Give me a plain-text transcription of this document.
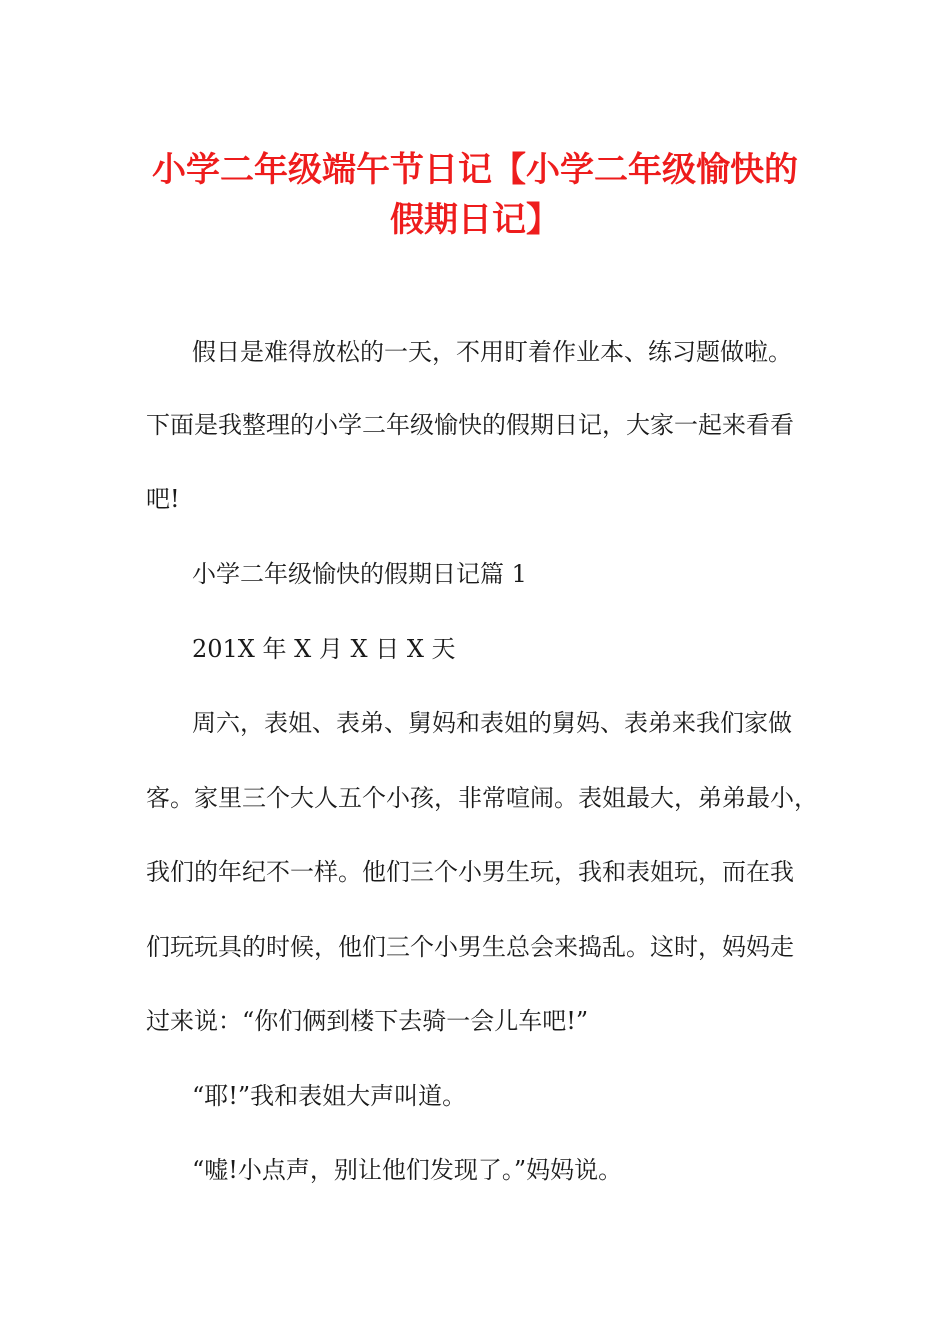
小学二年级端午节日记【小学二年级愉快的
假期日记】
假日是难得放松的一天，不用盯着作业本、练习题做啦。
下面是我整理的小学二年级愉快的假期日记，大家一起来看看
吧!
小学二年级愉快的假期日记篇 1
201X 年 X 月 X 日 X 天
周六，表姐、表弟、舅妈和表姐的舅妈、表弟来我们家做
客。家里三个大人五个小孩，非常喧闹。表姐最大，弟弟最小，
我们的年纪不一样。他们三个小男生玩，我和表姐玩，而在我
们玩玩具的时候，他们三个小男生总会来捣乱。这时，妈妈走
过来说：“你们俩到楼下去骑一会儿车吧!”
“耶!”我和表姐大声叫道。
“嘘!小点声，别让他们发现了。”妈妈说。
